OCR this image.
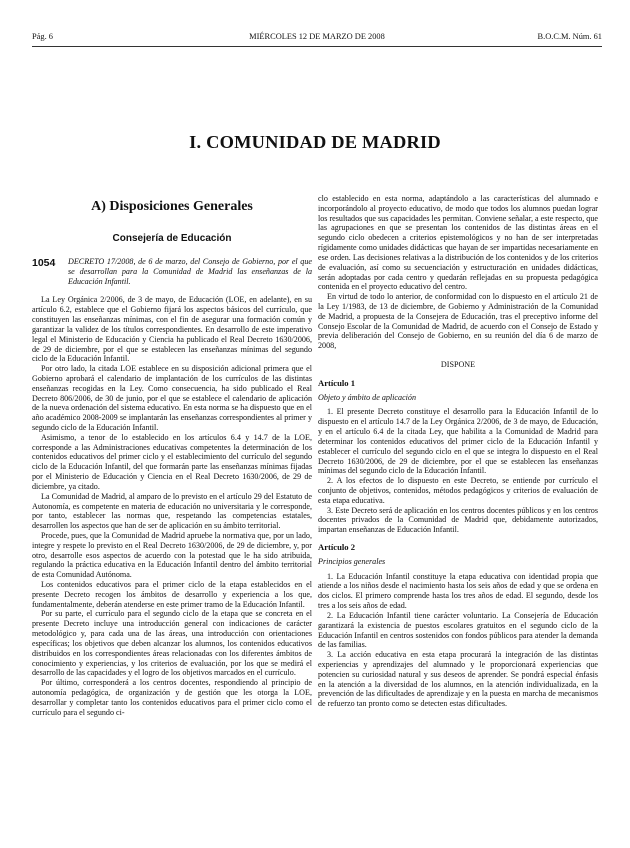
Pág. 6	MIÉRCOLES 12 DE MARZO DE 2008	B.O.C.M. Núm. 61
I. COMUNIDAD DE MADRID
A) Disposiciones Generales
Consejería de Educación
1054 DECRETO 17/2008, de 6 de marzo, del Consejo de Gobierno, por el que se desarrollan para la Comunidad de Madrid las enseñanzas de la Educación Infantil.

La Ley Orgánica 2/2006, de 3 de mayo, de Educación (LOE, en adelante), en su artículo 6.2, establece que el Gobierno fijará los aspectos básicos del currículo, que constituyen las enseñanzas mínimas, con el fin de asegurar una formación común y garantizar la validez de los títulos correspondientes. En desarrollo de este imperativo legal el Ministerio de Educación y Ciencia ha publicado el Real Decreto 1630/2006, de 29 de diciembre, por el que se establecen las enseñanzas mínimas del segundo ciclo de la Educación Infantil.

Por otro lado, la citada LOE establece en su disposición adicional primera que el Gobierno aprobará el calendario de implantación de los currículos de las distintas enseñanzas recogidas en la Ley. Como consecuencia, ha sido publicado el Real Decreto 806/2006, de 30 de junio, por el que se establece el calendario de aplicación de la nueva ordenación del sistema educativo. En esta norma se ha dispuesto que en el año académico 2008-2009 se implantarán las enseñanzas correspondientes al primer y segundo ciclo de la Educación Infantil.

Asimismo, a tenor de lo establecido en los artículos 6.4 y 14.7 de la LOE, corresponde a las Administraciones educativas competentes la determinación de los contenidos educativos del primer ciclo y el establecimiento del currículo del segundo ciclo de la Educación Infantil, del que formarán parte las enseñanzas mínimas fijadas por el Ministerio de Educación y Ciencia en el Real Decreto 1630/2006, de 29 de diciembre, ya citado.

La Comunidad de Madrid, al amparo de lo previsto en el artículo 29 del Estatuto de Autonomía, es competente en materia de educación no universitaria y le corresponde, por tanto, establecer las normas que, respetando las competencias estatales, desarrollen los aspectos que han de ser de aplicación en su ámbito territorial.

Procede, pues, que la Comunidad de Madrid apruebe la normativa que, por un lado, integre y respete lo previsto en el Real Decreto 1630/2006, de 29 de diciembre, y, por otro, desarrolle esos aspectos de acuerdo con la potestad que le ha sido atribuida, regulando la práctica educativa en la Educación Infantil dentro del ámbito territorial de esta Comunidad Autónoma.

Los contenidos educativos para el primer ciclo de la etapa establecidos en el presente Decreto recogen los ámbitos de desarrollo y experiencia a los que, fundamentalmente, deberán atenderse en este primer tramo de la Educación Infantil.

Por su parte, el currículo para el segundo ciclo de la etapa que se concreta en el presente Decreto incluye una introducción general con indicaciones de carácter metodológico y, para cada una de las áreas, una introducción con orientaciones específicas; los objetivos que deben alcanzar los alumnos, los contenidos educativos distribuidos en los correspondientes áreas relacionadas con los diferentes ámbitos de conocimiento y experiencias, y los criterios de evaluación, por los que se medirá el desarrollo de las capacidades y el logro de los objetivos marcados en el currículo.

Por último, corresponderá a los centros docentes, respondiendo al principio de autonomía pedagógica, de organización y de gestión que les otorga la LOE, desarrollar y completar tanto los contenidos educativos para el primer ciclo como el currículo para el segundo ci-

clo establecido en esta norma, adaptándolo a las características del alumnado e incorporándolo al proyecto educativo, de modo que todos los alumnos puedan lograr los resultados que sus capacidades les permitan. Conviene señalar, a este respecto, que las agrupaciones en que se presentan los contenidos de las distintas áreas en el segundo ciclo obedecen a criterios epistemológicos y no han de ser interpretadas rígidamente como unidades didácticas que hayan de ser impartidas necesariamente en ese orden. Las decisiones relativas a la distribución de los contenidos y de los criterios de evaluación, así como su secuenciación y estructuración en unidades didácticas, serán adoptadas por cada centro y quedarán reflejadas en su propuesta pedagógica contenida en el proyecto educativo del centro.

En virtud de todo lo anterior, de conformidad con lo dispuesto en el artículo 21 de la Ley 1/1983, de 13 de diciembre, de Gobierno y Administración de la Comunidad de Madrid, a propuesta de la Consejera de Educación, tras el preceptivo informe del Consejo Escolar de la Comunidad de Madrid, de acuerdo con el Consejo de Estado y previa deliberación del Consejo de Gobierno, en su reunión del día 6 de marzo de 2008,

DISPONE

Artículo 1

Objeto y ámbito de aplicación

1. El presente Decreto constituye el desarrollo para la Educación Infantil de lo dispuesto en el artículo 14.7 de la Ley Orgánica 2/2006, de 3 de mayo, de Educación, y en el artículo 6.4 de la citada Ley, que habilita a la Comunidad de Madrid para determinar los contenidos educativos del primer ciclo de la Educación Infantil y establecer el currículo del segundo ciclo en el que se integra lo dispuesto en el Real Decreto 1630/2006, de 29 de diciembre, por el que se establecen las enseñanzas mínimas del segundo ciclo de la Educación Infantil.

2. A los efectos de lo dispuesto en este Decreto, se entiende por currículo el conjunto de objetivos, contenidos, métodos pedagógicos y criterios de evaluación de esta etapa educativa.

3. Este Decreto será de aplicación en los centros docentes públicos y en los centros docentes privados de la Comunidad de Madrid que, debidamente autorizados, impartan enseñanzas de Educación Infantil.

Artículo 2

Principios generales

1. La Educación Infantil constituye la etapa educativa con identidad propia que atiende a los niños desde el nacimiento hasta los seis años de edad y que se ordena en dos ciclos. El primero comprende hasta los tres años de edad. El segundo, desde los tres a los seis años de edad.

2. La Educación Infantil tiene carácter voluntario. La Consejería de Educación garantizará la existencia de puestos escolares gratuitos en el segundo ciclo de la Educación Infantil en centros sostenidos con fondos públicos para atender la demanda de las familias.

3. La acción educativa en esta etapa procurará la integración de las distintas experiencias y aprendizajes del alumnado y le proporcionará experiencias que potencien su curiosidad natural y sus deseos de aprender. Se pondrá especial énfasis en la atención a la diversidad de los alumnos, en la atención individualizada, en la prevención de las dificultades de aprendizaje y en la puesta en marcha de mecanismos de refuerzo tan pronto como se detecten estas dificultades.
